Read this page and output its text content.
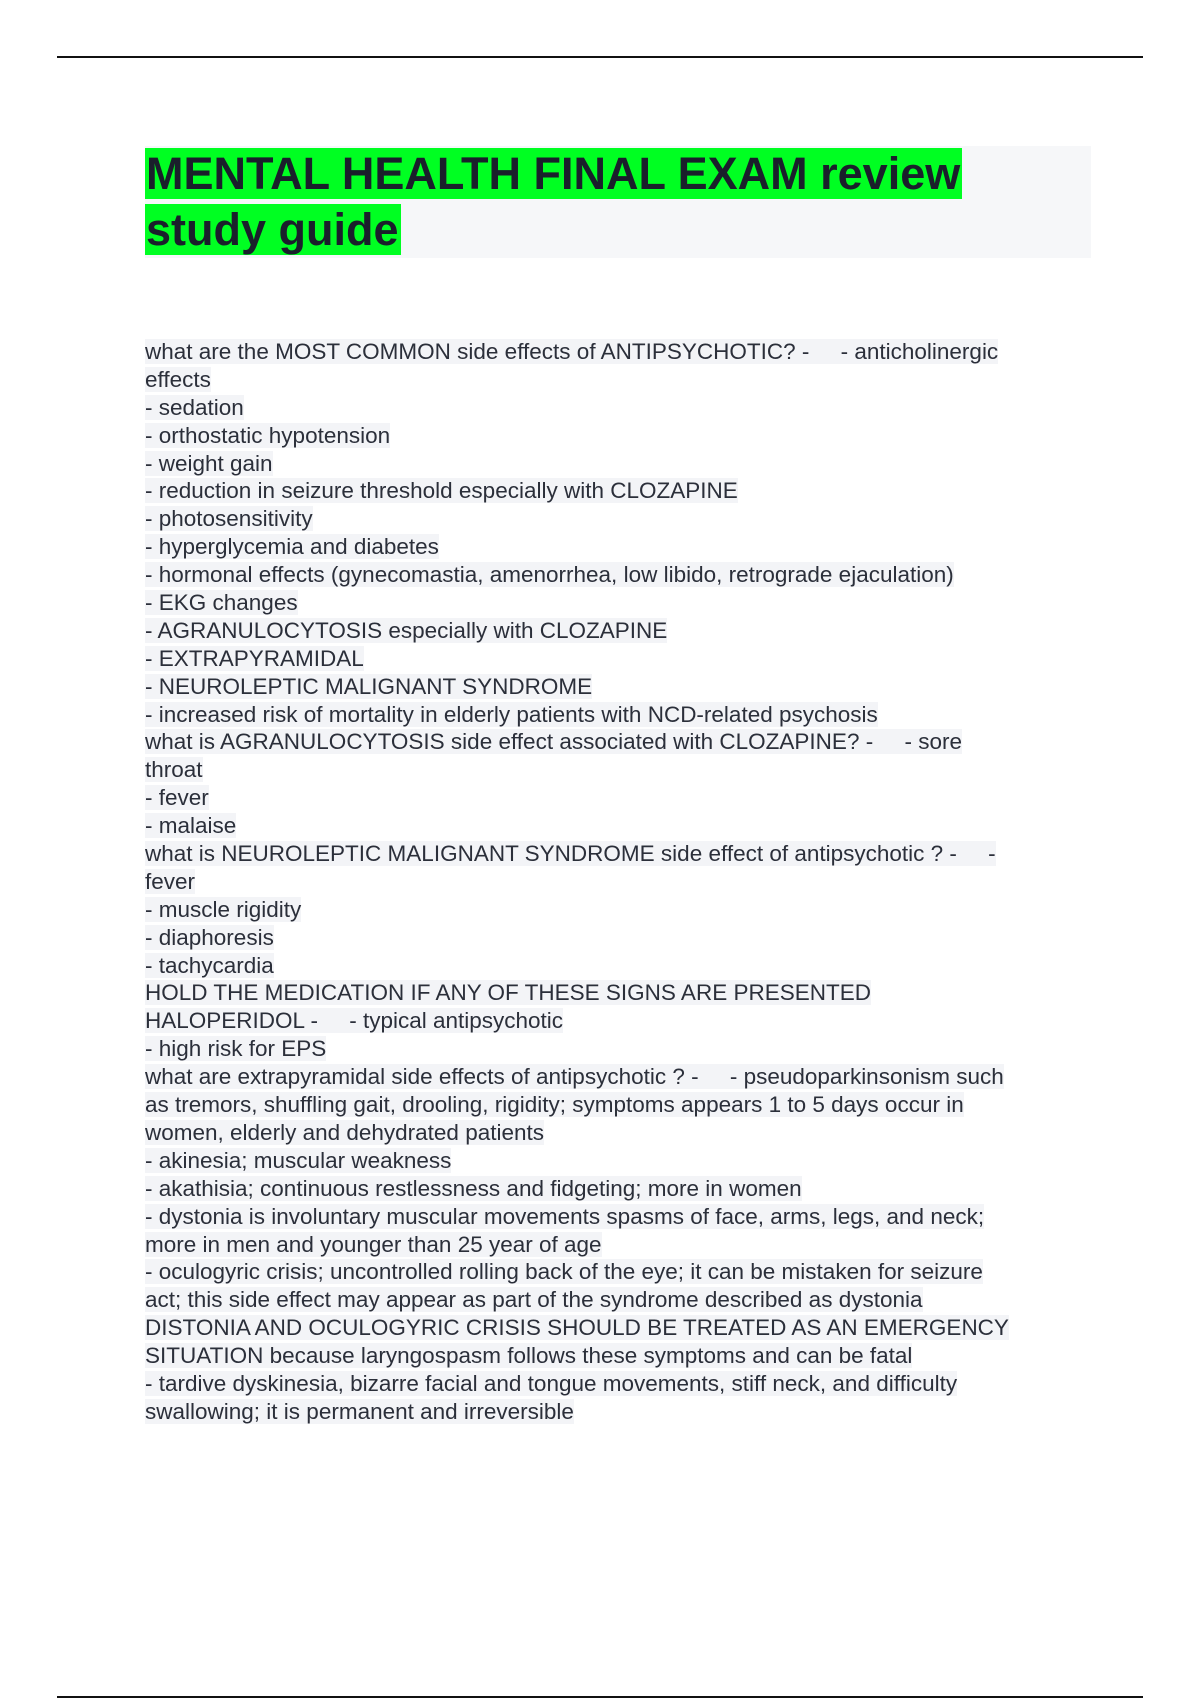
MENTAL HEALTH FINAL EXAM review
study guide
what are the MOST COMMON side effects of ANTIPSYCHOTIC? -     - anticholinergic
effects
- sedation
- orthostatic hypotension
- weight gain
- reduction in seizure threshold especially with CLOZAPINE
- photosensitivity
- hyperglycemia and diabetes
- hormonal effects (gynecomastia, amenorrhea, low libido, retrograde ejaculation)
- EKG changes
- AGRANULOCYTOSIS especially with CLOZAPINE
- EXTRAPYRAMIDAL
- NEUROLEPTIC MALIGNANT SYNDROME
- increased risk of mortality in elderly patients with NCD-related psychosis
what is AGRANULOCYTOSIS side effect associated with CLOZAPINE? -     - sore
throat
- fever
- malaise
what is NEUROLEPTIC MALIGNANT SYNDROME side effect of antipsychotic ? -     -
fever
- muscle rigidity
- diaphoresis
- tachycardia
HOLD THE MEDICATION IF ANY OF THESE SIGNS ARE PRESENTED
HALOPERIDOL -     - typical antipsychotic
- high risk for EPS
what are extrapyramidal side effects of antipsychotic ? -     - pseudoparkinsonism such
as tremors, shuffling gait, drooling, rigidity; symptoms appears 1 to 5 days occur in
women, elderly and dehydrated patients
- akinesia; muscular weakness
- akathisia; continuous restlessness and fidgeting; more in women
- dystonia is involuntary muscular movements spasms of face, arms, legs, and neck;
more in men and younger than 25 year of age
- oculogyric crisis; uncontrolled rolling back of the eye; it can be mistaken for seizure
act; this side effect may appear as part of the syndrome described as dystonia
DISTONIA AND OCULOGYRIC CRISIS SHOULD BE TREATED AS AN EMERGENCY
SITUATION because laryngospasm follows these symptoms and can be fatal
- tardive dyskinesia, bizarre facial and tongue movements, stiff neck, and difficulty
swallowing; it is permanent and irreversible
